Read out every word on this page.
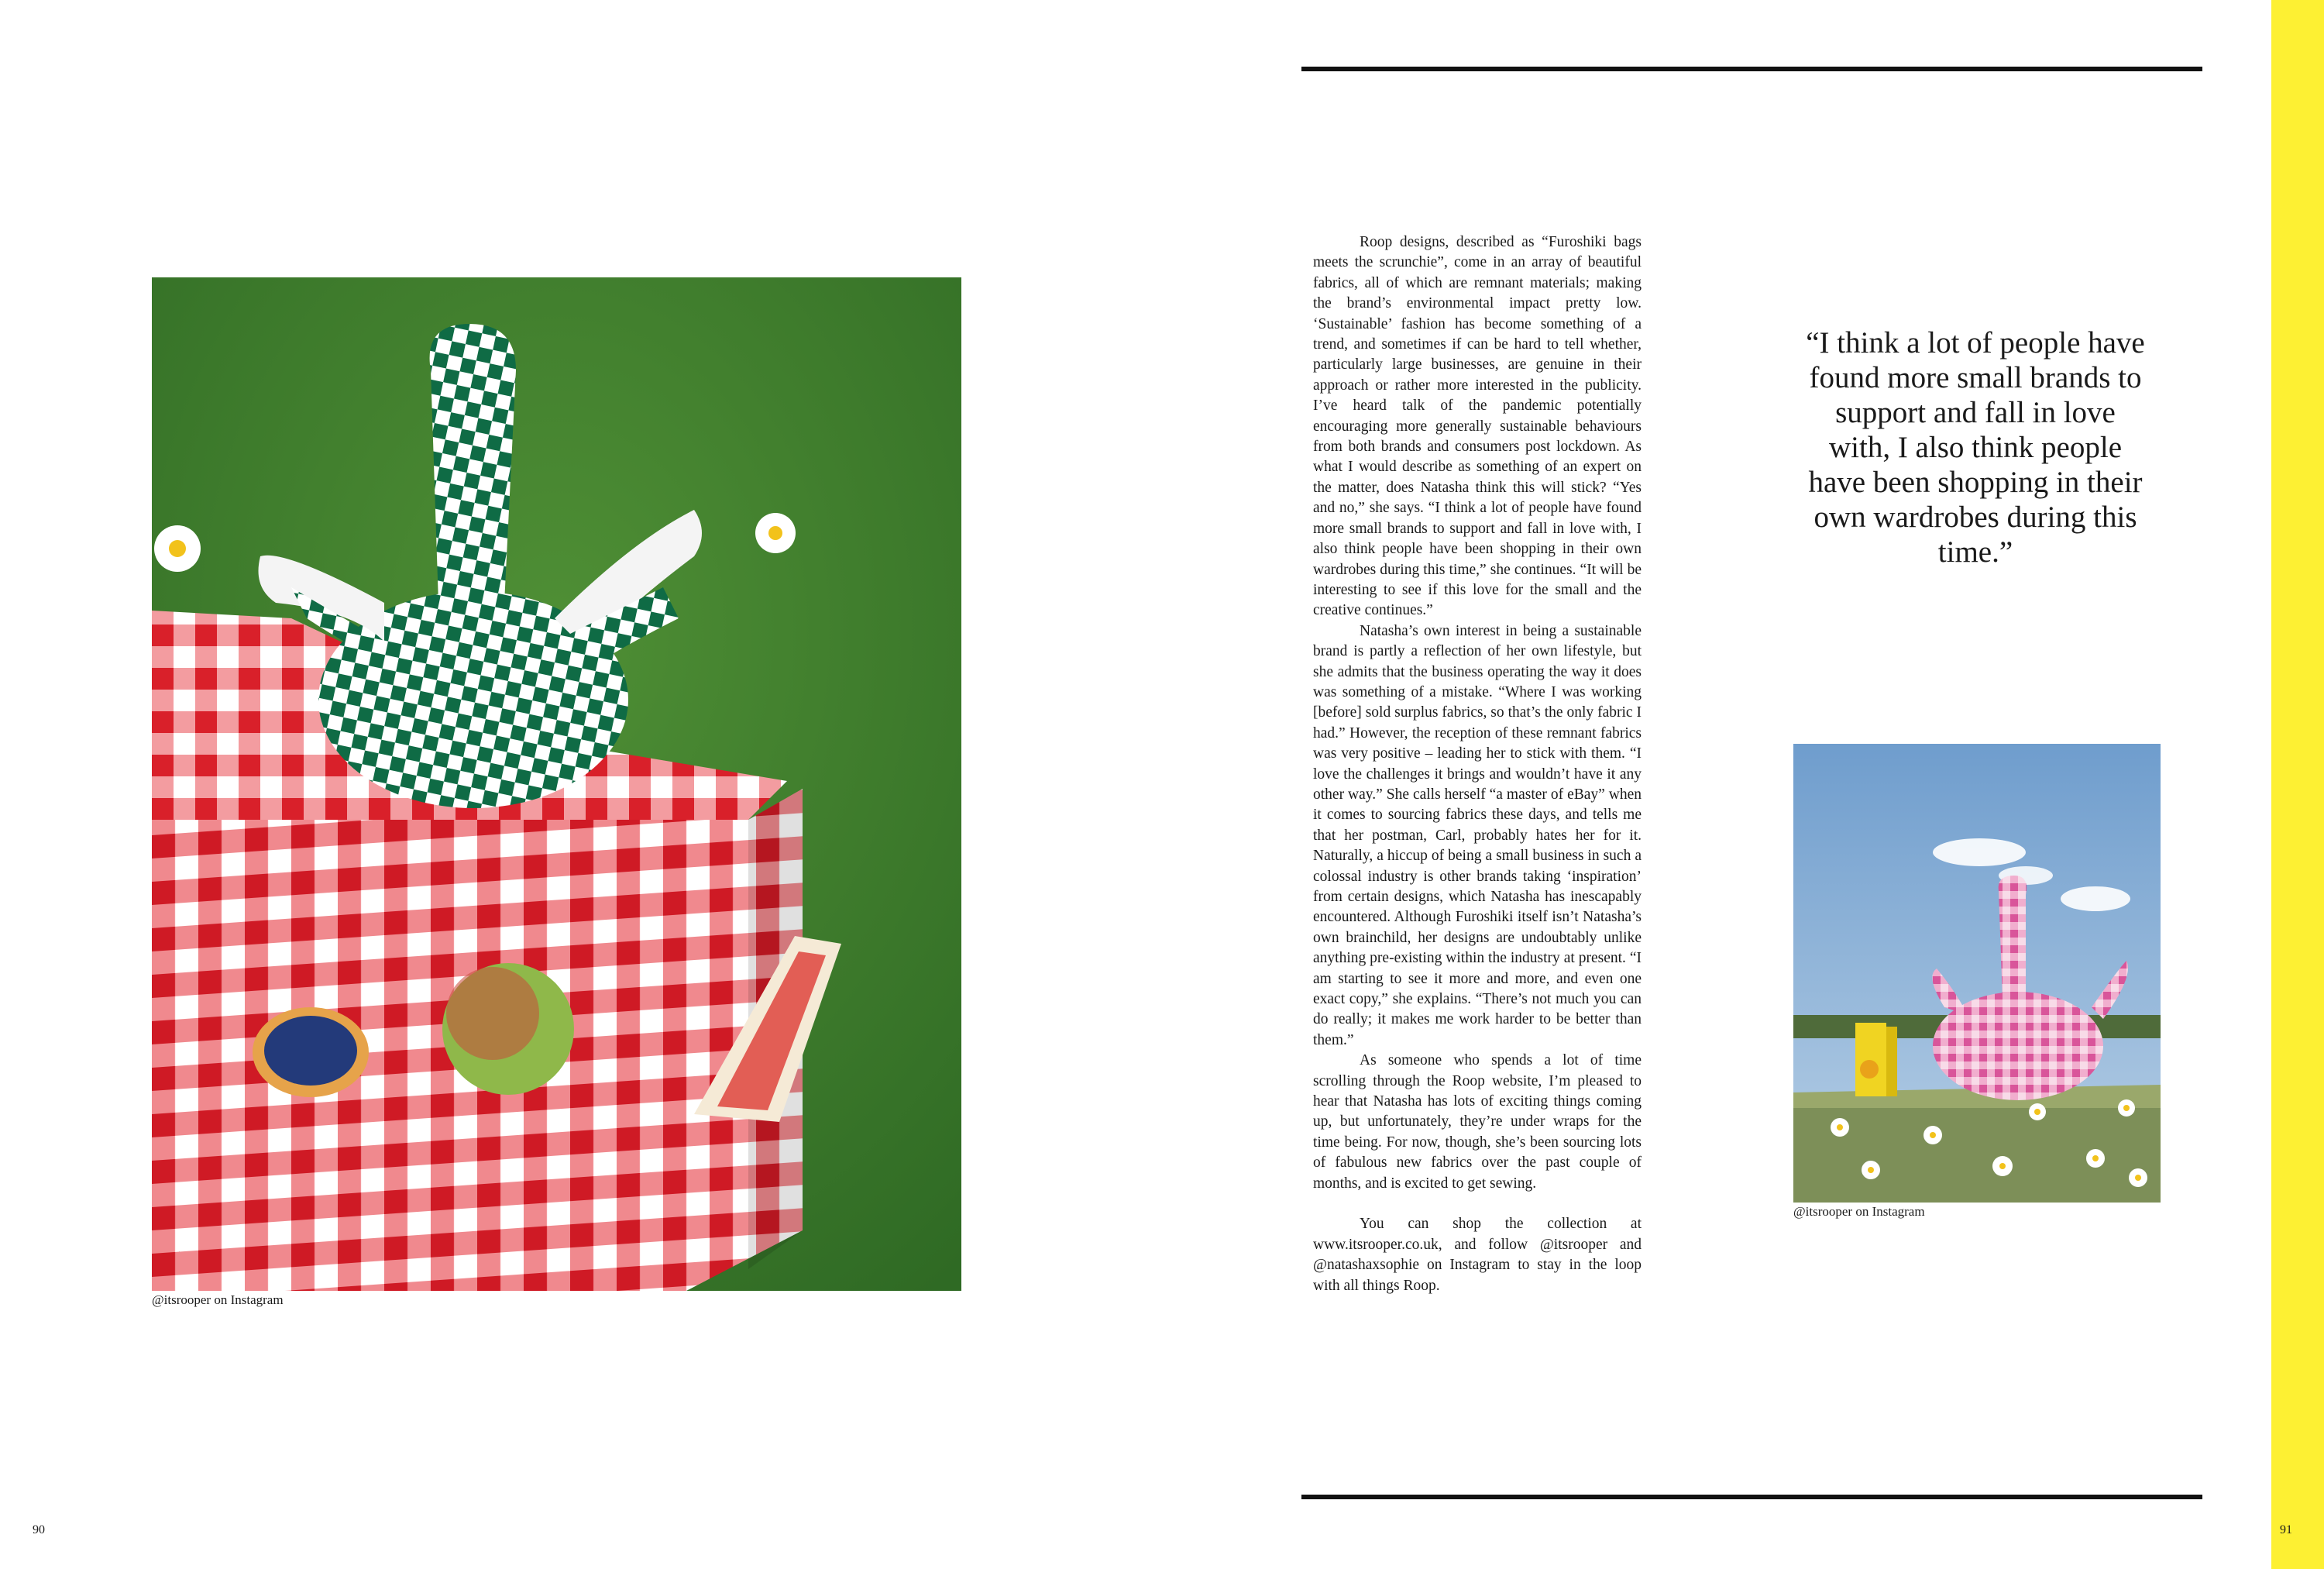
@itsrooper on Instagram

Roop designs, described as “Furoshiki bags meets the scrunchie”, come in an array of beautiful fabrics, all of which are remnant materials; making the brand’s environmental impact pretty low. ‘Sustainable’ fashion has become something of a trend, and sometimes if can be hard to tell whether, particularly large businesses, are genuine in their approach or rather more interested in the publicity. I’ve heard talk of the pandemic potentially encouraging more generally sustainable behaviours from both brands and consumers post lockdown. As what I would describe as something of an expert on the matter, does Natasha think this will stick? “Yes and no,” she says. “I think a lot of people have found more small brands to support and fall in love with, I also think people have been shopping in their own wardrobes during this time,” she continues. “It will be interesting to see if this love for the small and the creative continues.”

Natasha’s own interest in being a sustainable brand is partly a reflection of her own lifestyle, but she admits that the business operating the way it does was something of a mistake. “Where I was working [before] sold surplus fabrics, so that’s the only fabric I had.” However, the reception of these remnant fabrics was very positive – leading her to stick with them. “I love the challenges it brings and wouldn’t have it any other way.” She calls herself “a master of eBay” when it comes to sourcing fabrics these days, and tells me that her postman, Carl, probably hates her for it. Naturally, a hiccup of being a small business in such a colossal industry is other brands taking ‘inspiration’ from certain designs, which Natasha has inescapably encountered. Although Furoshiki itself isn’t Natasha’s own brainchild, her designs are undoubtably unlike anything pre-existing within the industry at present. “I am starting to see it more and more, and even one exact copy,” she explains. “There’s not much you can do really; it makes me work harder to be better than them.”

As someone who spends a lot of time scrolling through the Roop website, I’m pleased to hear that Natasha has lots of exciting things coming up, but unfortunately, they’re under wraps for the time being. For now, though, she’s been sourcing lots of fabulous new fabrics over the past couple of months, and is excited to get sewing.

You can shop the collection at www.itsrooper.co.uk, and follow @itsrooper and @natashaxsophie on Instagram to stay in the loop with all things Roop.

“I think a lot of people have found more small brands to support and fall in love with, I also think people have been shopping in their own wardrobes during this time.”
@itsrooper on Instagram
90	91
